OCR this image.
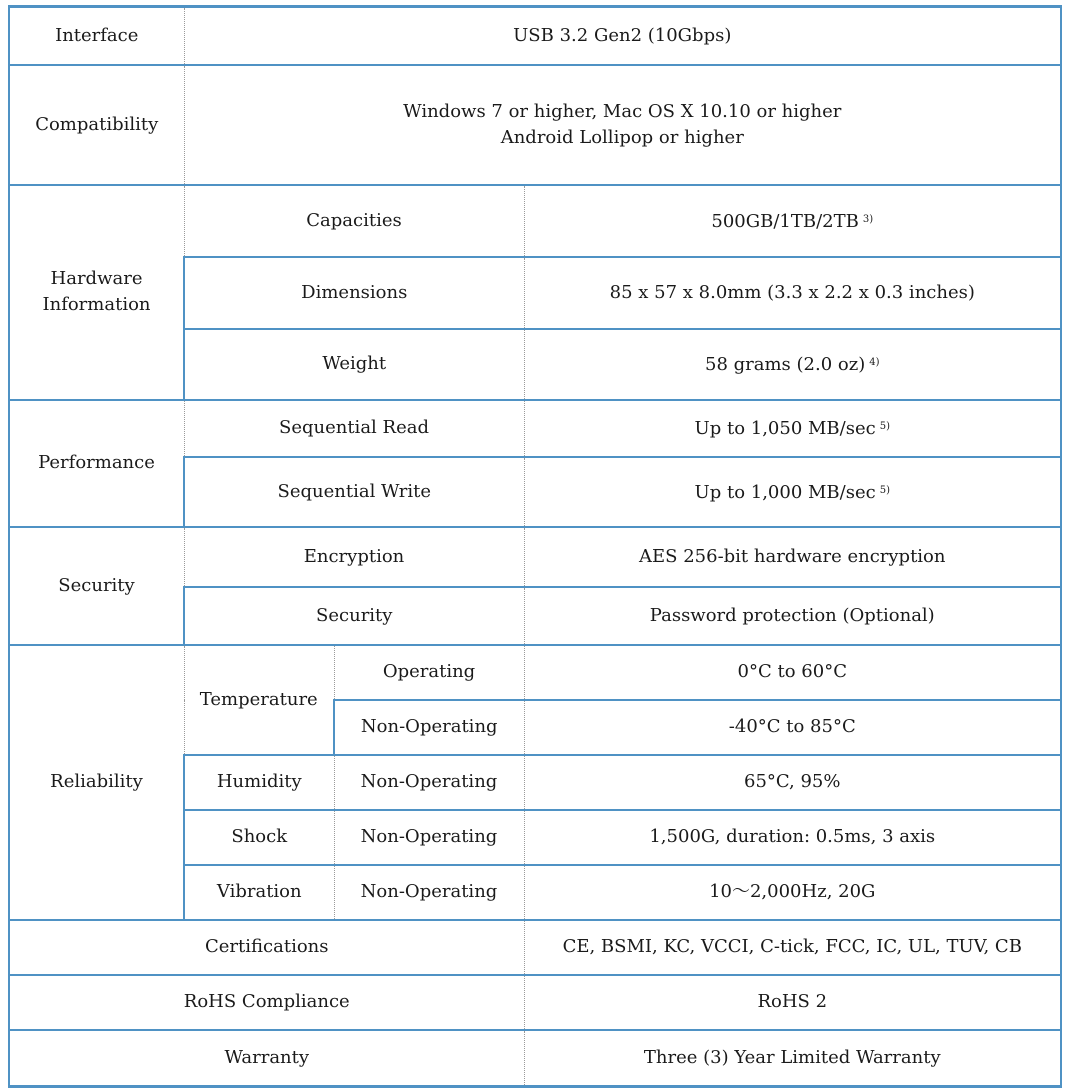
Interface	USB 3.2 Gen2 (10Gbps)		
Compatibility	Windows 7 or higher, Mac OS X 10.10 or higher
Android Lollipop or higher		

Hardware
Information	Capacities		500GB/1TB/2TB $^{3)}$
	Dimensions		85 x 57 x 8.0mm (3.3 x 2.2 x 0.3 inches)
	Weight		58 grams (2.0 oz) $^{4)}$
Performance	Sequential Read		Up to 1,050 MB/sec $^{5)}$
	Sequential Write		Up to 1,000 MB/sec $^{5)}$
Security	Encryption		AES 256-bit hardware encryption
	Security		Password protection (Optional)
Reliability	Temperature	Operating	0°C to 60°C
		Non-Operating	-40°C to 85°C
	Humidity	Non-Operating	65°C, 95%
	Shock	Non-Operating	1,500G, duration: 0.5ms, 3 axis
	Vibration	Non-Operating	10～2,000Hz, 20G
Certifications			CE, BSMI, KC, VCCI, C-tick, FCC, IC, UL, TUV, CB
RoHS Compliance			RoHS 2
Warranty			Three (3) Year Limited Warranty
